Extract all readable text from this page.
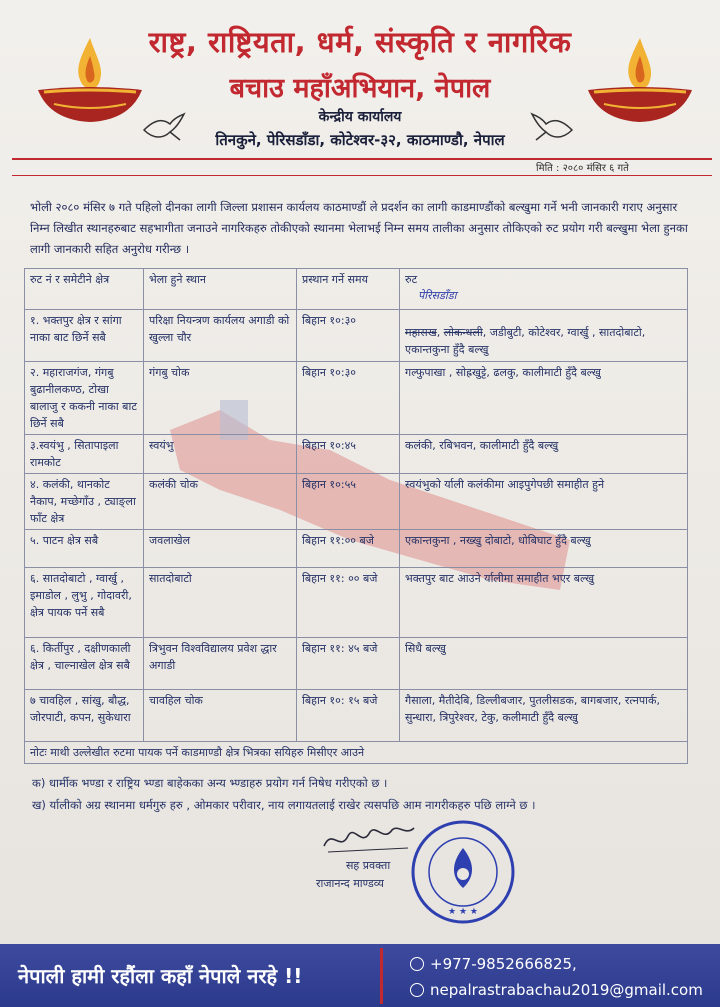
राष्ट्र, राष्ट्रियता, धर्म, संस्कृति र नागरिक
बचाउ महाँअभियान, नेपाल
केन्द्रीय कार्यालय
तिनकुने, पेरिसडाँडा, कोटेश्वर-३२, काठमाण्डौ, नेपाल
मिति : २०८० मंसिर ६ गते
भोली २०८० मंसिर ७ गते पहिलो दीनका लागी जिल्ला प्रशासन कार्यलय काठमाण्डौं ले प्रदर्शन का लागी काडमाण्डौंको बल्खुमा गर्ने भनी जानकारी गराए अनुसार निम्न लिखीत स्थानहरुबाट सहभागीता जनाउने नागरिकहरु तोकीएको स्थानमा भेलाभई निम्न समय तालीका अनुसार तोकिएको रुट प्रयोग गरी बल्खुमा भेला हुनका लागी जानकारी सहित अनुरोध गरीन्छ ।
रुट नं र समेटीने क्षेत्र	भेला हुने स्थान	प्रस्थान गर्ने समय	रुट
१. भक्तपुर क्षेत्र र सांगा नाका बाट छिर्ने सबै	परिक्षा नियन्त्रण कार्यलय अगाडी को खुल्ला चौर	बिहान १०:३०	महासख, लोकन्थली, जडीबुटी, कोटेश्वर, ग्वार्खु , सातदोबाटो, एकान्तकुना हुँदै बल्खु
२. महाराजगंज, गंगबु बुढानीलकण्ठ, टोखा बालाजु र ककनी नाका बाट छिर्ने सबै	गंगबु चोक	बिहान १०:३०	गल्फुपाखा , सोह्रखुट्टे, ढलकु, कालीमाटी हुँदै बल्खु
३.स्वयंभु , सितापाइला रामकोट	स्वयंभु	बिहान १०:४५	कलंकी, रबिभवन, कालीमाटी हुँदै बल्खु
४. कलंकी, थानकोट नैकाप, मच्छेगाँउ , ट्याङ्ला फाँट क्षेत्र	कलंकी चोक	बिहान १०:५५	स्वयंभुको र्याली कलंकीमा आइपुगेपछी समाहीत हुने
५. पाटन क्षेत्र सबै	जवलाखेल	बिहान ११:०० बजे	एकान्तकुना , नख्खु दोबाटो, धोबिघाट हुँदै बल्खु
६. सातदोबाटो , ग्वार्खु , इमाडोल , लुभु , गोदावरी, क्षेत्र पायक पर्ने सबै	सातदोबाटो	बिहान ११: ०० बजे	भक्तपुर बाट आउने र्यालीमा समाहीत भएर बल्खु
६. किर्तीपुर , दक्षीणकाली क्षेत्र , चाल्नाखेल क्षेत्र सबै	त्रिभुवन विश्वविद्यालय प्रवेश द्धार अगाडी	बिहान ११: ४५ बजे	सिधै बल्खु
७ चावहिल , सांखु, बौद्ध, जोरपाटी, कपन, सुकेधारा	चावहिल चोक	बिहान १०: १५ बजे	गैसाला, मैतीदेबि, डिल्लीबजार, पुतलीसडक, बागबजार, रत्नपार्क, सुन्धारा, त्रिपुरेश्वर, टेकु, कलीमाटी हुँदै बल्खु
नोटः माथी उल्लेखीत रुटमा पायक पर्ने काडमाण्डौ क्षेत्र भित्रका सयिहरु मिसीएर आउने			
पेरिसडाँडा
क) धार्मीक भण्डा र राष्ट्रिय भ्ण्डा बाहेकका अन्य भ्ण्डाहरु प्रयोग गर्न निषेध गरीएको छ ।
ख) र्यालीको अग्र स्थानमा धर्मगुरु हरु , ओमकार परीवार, नाय लगायतलाई राखेर त्यसपछि आम नागरीकहरु पछि लाग्ने छ ।
सह प्रवक्ता
राजानन्द माण्डव्य
★ ★ ★
नेपाली हामी रहौंला कहाँ नेपाले नरहे !!	+977-9852666825,
nepalrastrabachau2019@gmail.com
